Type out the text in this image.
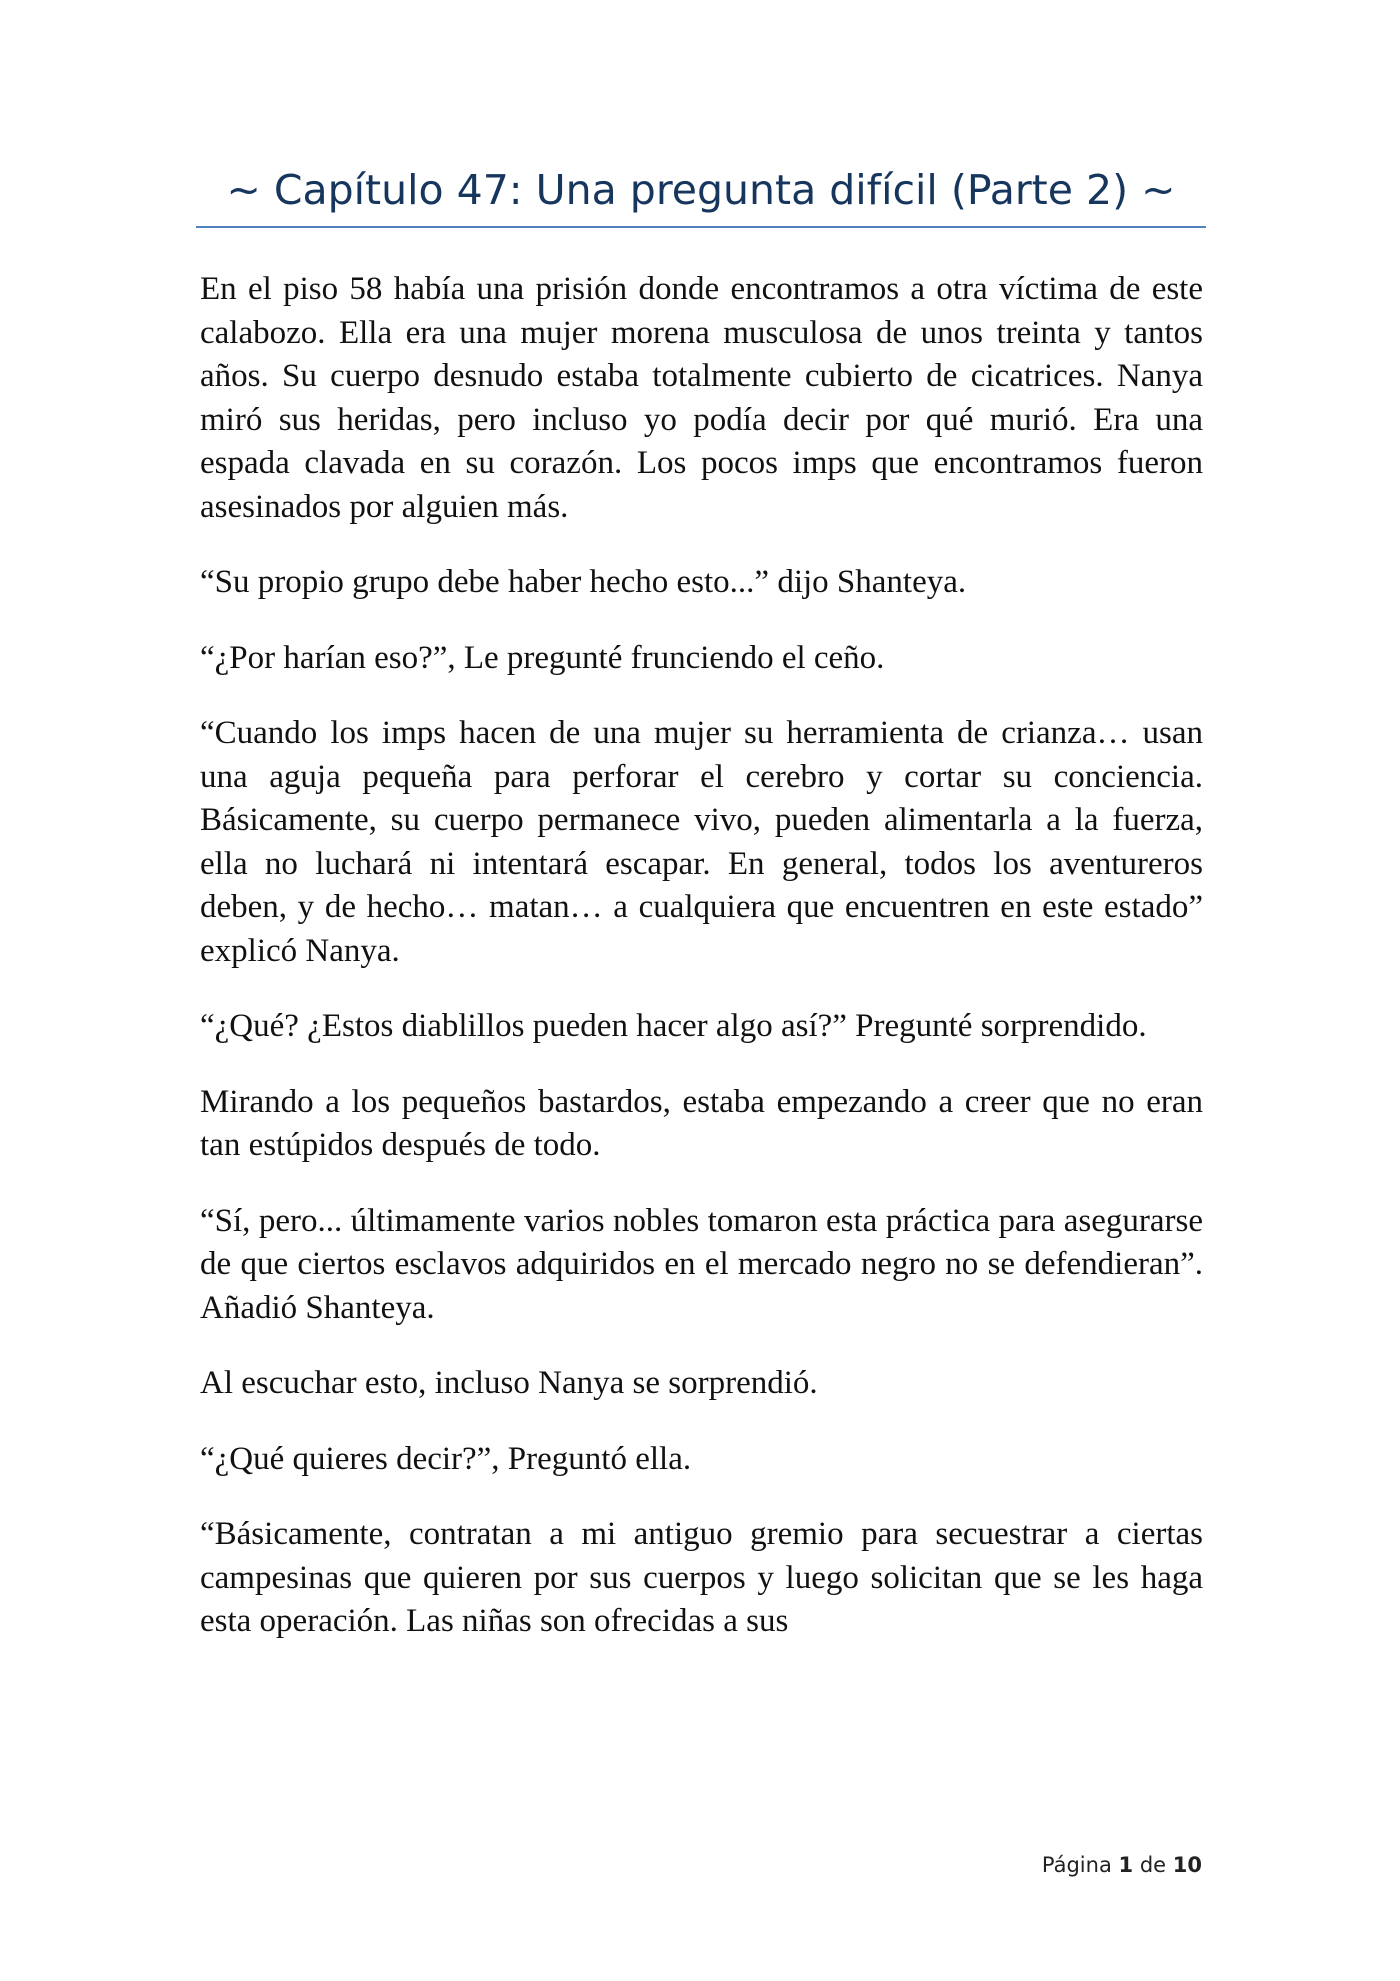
~ Capítulo 47: Una pregunta difícil (Parte 2) ~

En el piso 58 había una prisión donde encontramos a otra víctima de este calabozo. Ella era una mujer morena musculosa de unos treinta y tantos años. Su cuerpo desnudo estaba totalmente cubierto de cicatrices. Nanya miró sus heridas, pero incluso yo podía decir por qué murió. Era una espada clavada en su corazón. Los pocos imps que encontramos fueron asesinados por alguien más.

“Su propio grupo debe haber hecho esto...” dijo Shanteya.

“¿Por harían eso?”, Le pregunté frunciendo el ceño.

“Cuando los imps hacen de una mujer su herramienta de crianza… usan una aguja pequeña para perforar el cerebro y cortar su conciencia. Básicamente, su cuerpo permanece vivo, pueden alimentarla a la fuerza, ella no luchará ni intentará escapar. En general, todos los aventureros deben, y de hecho… matan… a cualquiera que encuentren en este estado” explicó Nanya.

“¿Qué? ¿Estos diablillos pueden hacer algo así?” Pregunté sorprendido.

Mirando a los pequeños bastardos, estaba empezando a creer que no eran tan estúpidos después de todo.

“Sí, pero... últimamente varios nobles tomaron esta práctica para asegurarse de que ciertos esclavos adquiridos en el mercado negro no se defendieran”. Añadió Shanteya.

Al escuchar esto, incluso Nanya se sorprendió.

“¿Qué quieres decir?”, Preguntó ella.

“Básicamente, contratan a mi antiguo gremio para secuestrar a ciertas campesinas que quieren por sus cuerpos y luego solicitan que se les haga esta operación. Las niñas son ofrecidas a sus

Página 1 de 10
